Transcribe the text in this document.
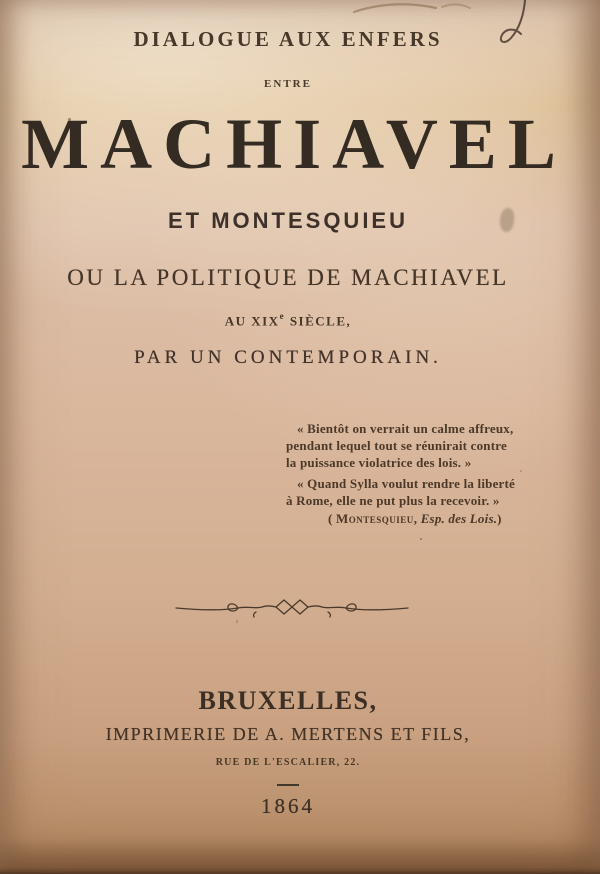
DIALOGUE AUX ENFERS
ENTRE
MACHIAVEL
ET MONTESQUIEU
OU LA POLITIQUE DE MACHIAVEL
AU XIXe SIÈCLE,
PAR UN CONTEMPORAIN.
« Bientôt on verrait un calme affreux,
pendant lequel tout se réunirait contre
la puissance violatrice des lois. »
« Quand Sylla voulut rendre la liberté
à Rome, elle ne put plus la recevoir. »
( Montesquieu, Esp. des Lois.)
BRUXELLES,
IMPRIMERIE DE A. MERTENS ET FILS,
RUE DE L'ESCALIER, 22.
1864
